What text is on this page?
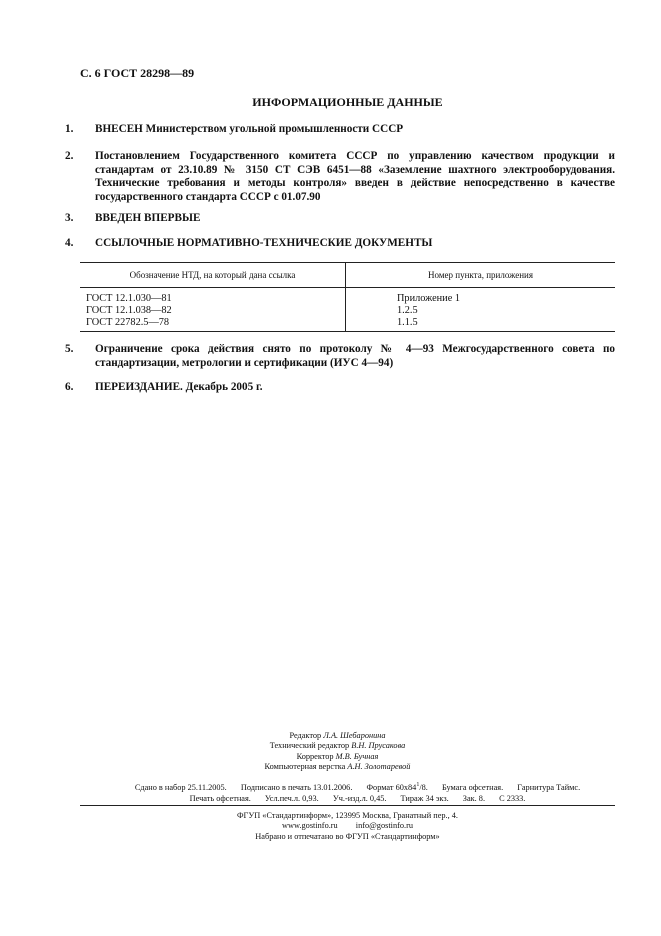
С. 6 ГОСТ 28298—89
ИНФОРМАЦИОННЫЕ ДАННЫЕ
1. ВНЕСЕН Министерством угольной промышленности СССР
2. Постановлением Государственного комитета СССР по управлению качеством продукции и стандартам от 23.10.89 № 3150 СТ СЭВ 6451—88 «Заземление шахтного электрооборудования. Технические требования и методы контроля» введен в действие непосредственно в качестве государственного стандарта СССР с 01.07.90
3. ВВЕДЕН ВПЕРВЫЕ
4. ССЫЛОЧНЫЕ НОРМАТИВНО-ТЕХНИЧЕСКИЕ ДОКУМЕНТЫ
Обозначение НТД, на который дана ссылка	Номер пункта, приложения
ГОСТ 12.1.030—81	Приложение 1
ГОСТ 12.1.038—82	1.2.5
ГОСТ 22782.5—78	1.1.5
5. Ограничение срока действия снято по протоколу № 4—93 Межгосударственного совета по стандартизации, метрологии и сертификации (ИУС 4—94)
6. ПЕРЕИЗДАНИЕ. Декабрь 2005 г.
Редактор Л.А. Шебаронина
Технический редактор В.Н. Прусакова
Корректор М.В. Бучная
Компьютерная верстка А.Н. Золотаревой
Сдано в набор 25.11.2005. Подписано в печать 13.01.2006. Формат 60x841/8. Бумага офсетная. Гарнитура Таймс.
Печать офсетная. Усл.печ.л. 0,93. Уч.-изд.л. 0,45. Тираж 34 экз. Зак. 8. С 2333.
ФГУП «Стандартинформ», 123995 Москва, Гранатный пер., 4.
www.gostinfo.ru info@gostinfo.ru
Набрано и отпечатано во ФГУП «Стандартинформ»
